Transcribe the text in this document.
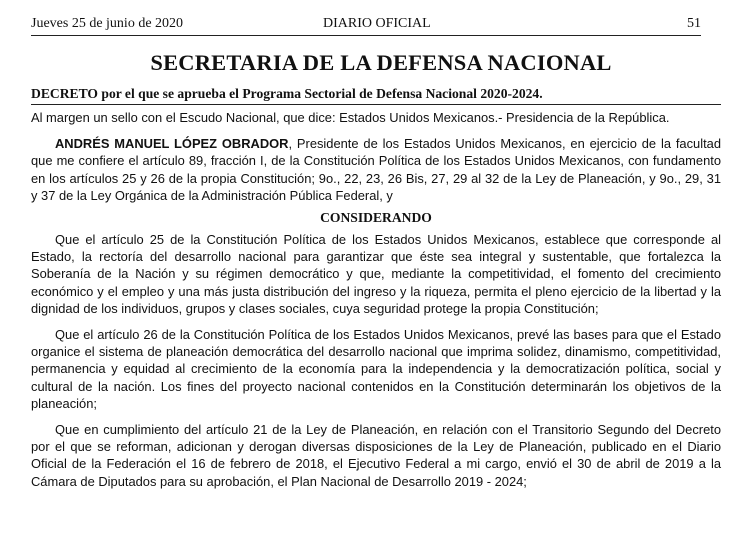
Jueves 25 de junio de 2020	DIARIO OFICIAL	51
SECRETARIA DE LA DEFENSA NACIONAL
DECRETO por el que se aprueba el Programa Sectorial de Defensa Nacional 2020-2024.

Al margen un sello con el Escudo Nacional, que dice: Estados Unidos Mexicanos.- Presidencia de la República.

ANDRÉS MANUEL LÓPEZ OBRADOR, Presidente de los Estados Unidos Mexicanos, en ejercicio de la facultad que me confiere el artículo 89, fracción I, de la Constitución Política de los Estados Unidos Mexicanos, con fundamento en los artículos 25 y 26 de la propia Constitución; 9o., 22, 23, 26 Bis, 27, 29 al 32 de la Ley de Planeación, y 9o., 29, 31 y 37 de la Ley Orgánica de la Administración Pública Federal, y

CONSIDERANDO

Que el artículo 25 de la Constitución Política de los Estados Unidos Mexicanos, establece que corresponde al Estado, la rectoría del desarrollo nacional para garantizar que éste sea integral y sustentable, que fortalezca la Soberanía de la Nación y su régimen democrático y que, mediante la competitividad, el fomento del crecimiento económico y el empleo y una más justa distribución del ingreso y la riqueza, permita el pleno ejercicio de la libertad y la dignidad de los individuos, grupos y clases sociales, cuya seguridad protege la propia Constitución;

Que el artículo 26 de la Constitución Política de los Estados Unidos Mexicanos, prevé las bases para que el Estado organice el sistema de planeación democrática del desarrollo nacional que imprima solidez, dinamismo, competitividad, permanencia y equidad al crecimiento de la economía para la independencia y la democratización política, social y cultural de la nación. Los fines del proyecto nacional contenidos en la Constitución determinarán los objetivos de la planeación;

Que en cumplimiento del artículo 21 de la Ley de Planeación, en relación con el Transitorio Segundo del Decreto por el que se reforman, adicionan y derogan diversas disposiciones de la Ley de Planeación, publicado en el Diario Oficial de la Federación el 16 de febrero de 2018, el Ejecutivo Federal a mi cargo, envió el 30 de abril de 2019 a la Cámara de Diputados para su aprobación, el Plan Nacional de Desarrollo 2019 - 2024;
